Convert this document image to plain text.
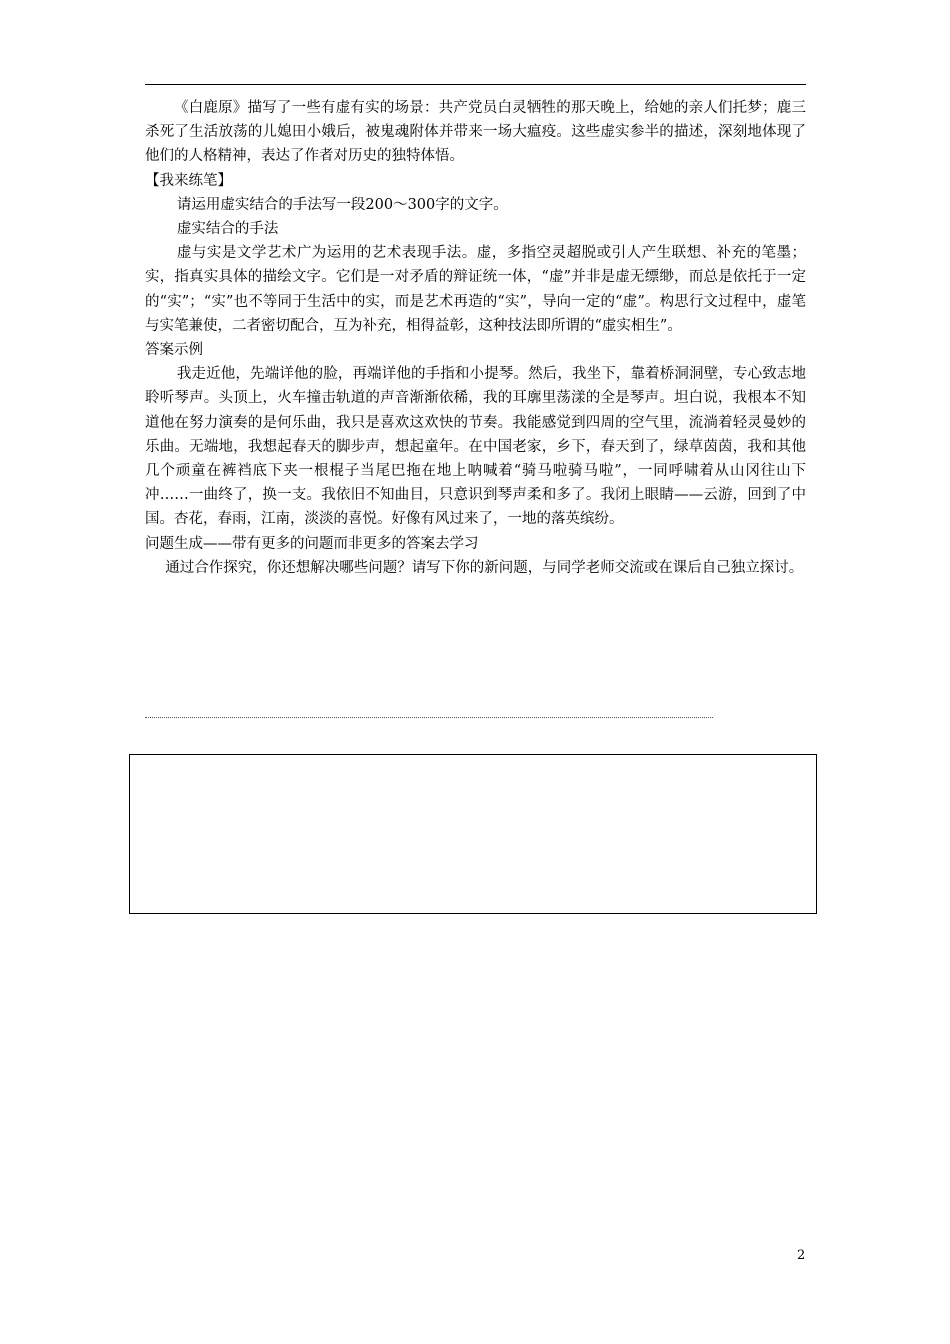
《白鹿原》描写了一些有虚有实的场景：共产党员白灵牺牲的那天晚上，给她的亲人们托梦；鹿三杀死了生活放荡的儿媳田小娥后，被鬼魂附体并带来一场大瘟疫。这些虚实参半的描述，深刻地体现了他们的人格精神，表达了作者对历史的独特体悟。

【我来练笔】

请运用虚实结合的手法写一段200～300字的文字。

虚实结合的手法

虚与实是文学艺术广为运用的艺术表现手法。虚，多指空灵超脱或引人产生联想、补充的笔墨；实，指真实具体的描绘文字。它们是一对矛盾的辩证统一体，“虚”并非是虚无缥缈，而总是依托于一定的“实”；“实”也不等同于生活中的实，而是艺术再造的“实”，导向一定的“虚”。构思行文过程中，虚笔与实笔兼使，二者密切配合，互为补充，相得益彰，这种技法即所谓的“虚实相生”。

答案示例

我走近他，先端详他的脸，再端详他的手指和小提琴。然后，我坐下，靠着桥洞洞壁，专心致志地聆听琴声。头顶上，火车撞击轨道的声音渐渐依稀，我的耳廓里荡漾的全是琴声。坦白说，我根本不知道他在努力演奏的是何乐曲，我只是喜欢这欢快的节奏。我能感觉到四周的空气里，流淌着轻灵曼妙的乐曲。无端地，我想起春天的脚步声，想起童年。在中国老家，乡下，春天到了，绿草茵茵，我和其他几个顽童在裤裆底下夹一根棍子当尾巴拖在地上呐喊着“骑马啦骑马啦”，一同呼啸着从山冈往山下冲……一曲终了，换一支。我依旧不知曲目，只意识到琴声柔和多了。我闭上眼睛——云游，回到了中国。杏花，春雨，江南，淡淡的喜悦。好像有风过来了，一地的落英缤纷。

问题生成——带有更多的问题而非更多的答案去学习

通过合作探究，你还想解决哪些问题？请写下你的新问题，与同学老师交流或在课后自己独立探讨。

2
